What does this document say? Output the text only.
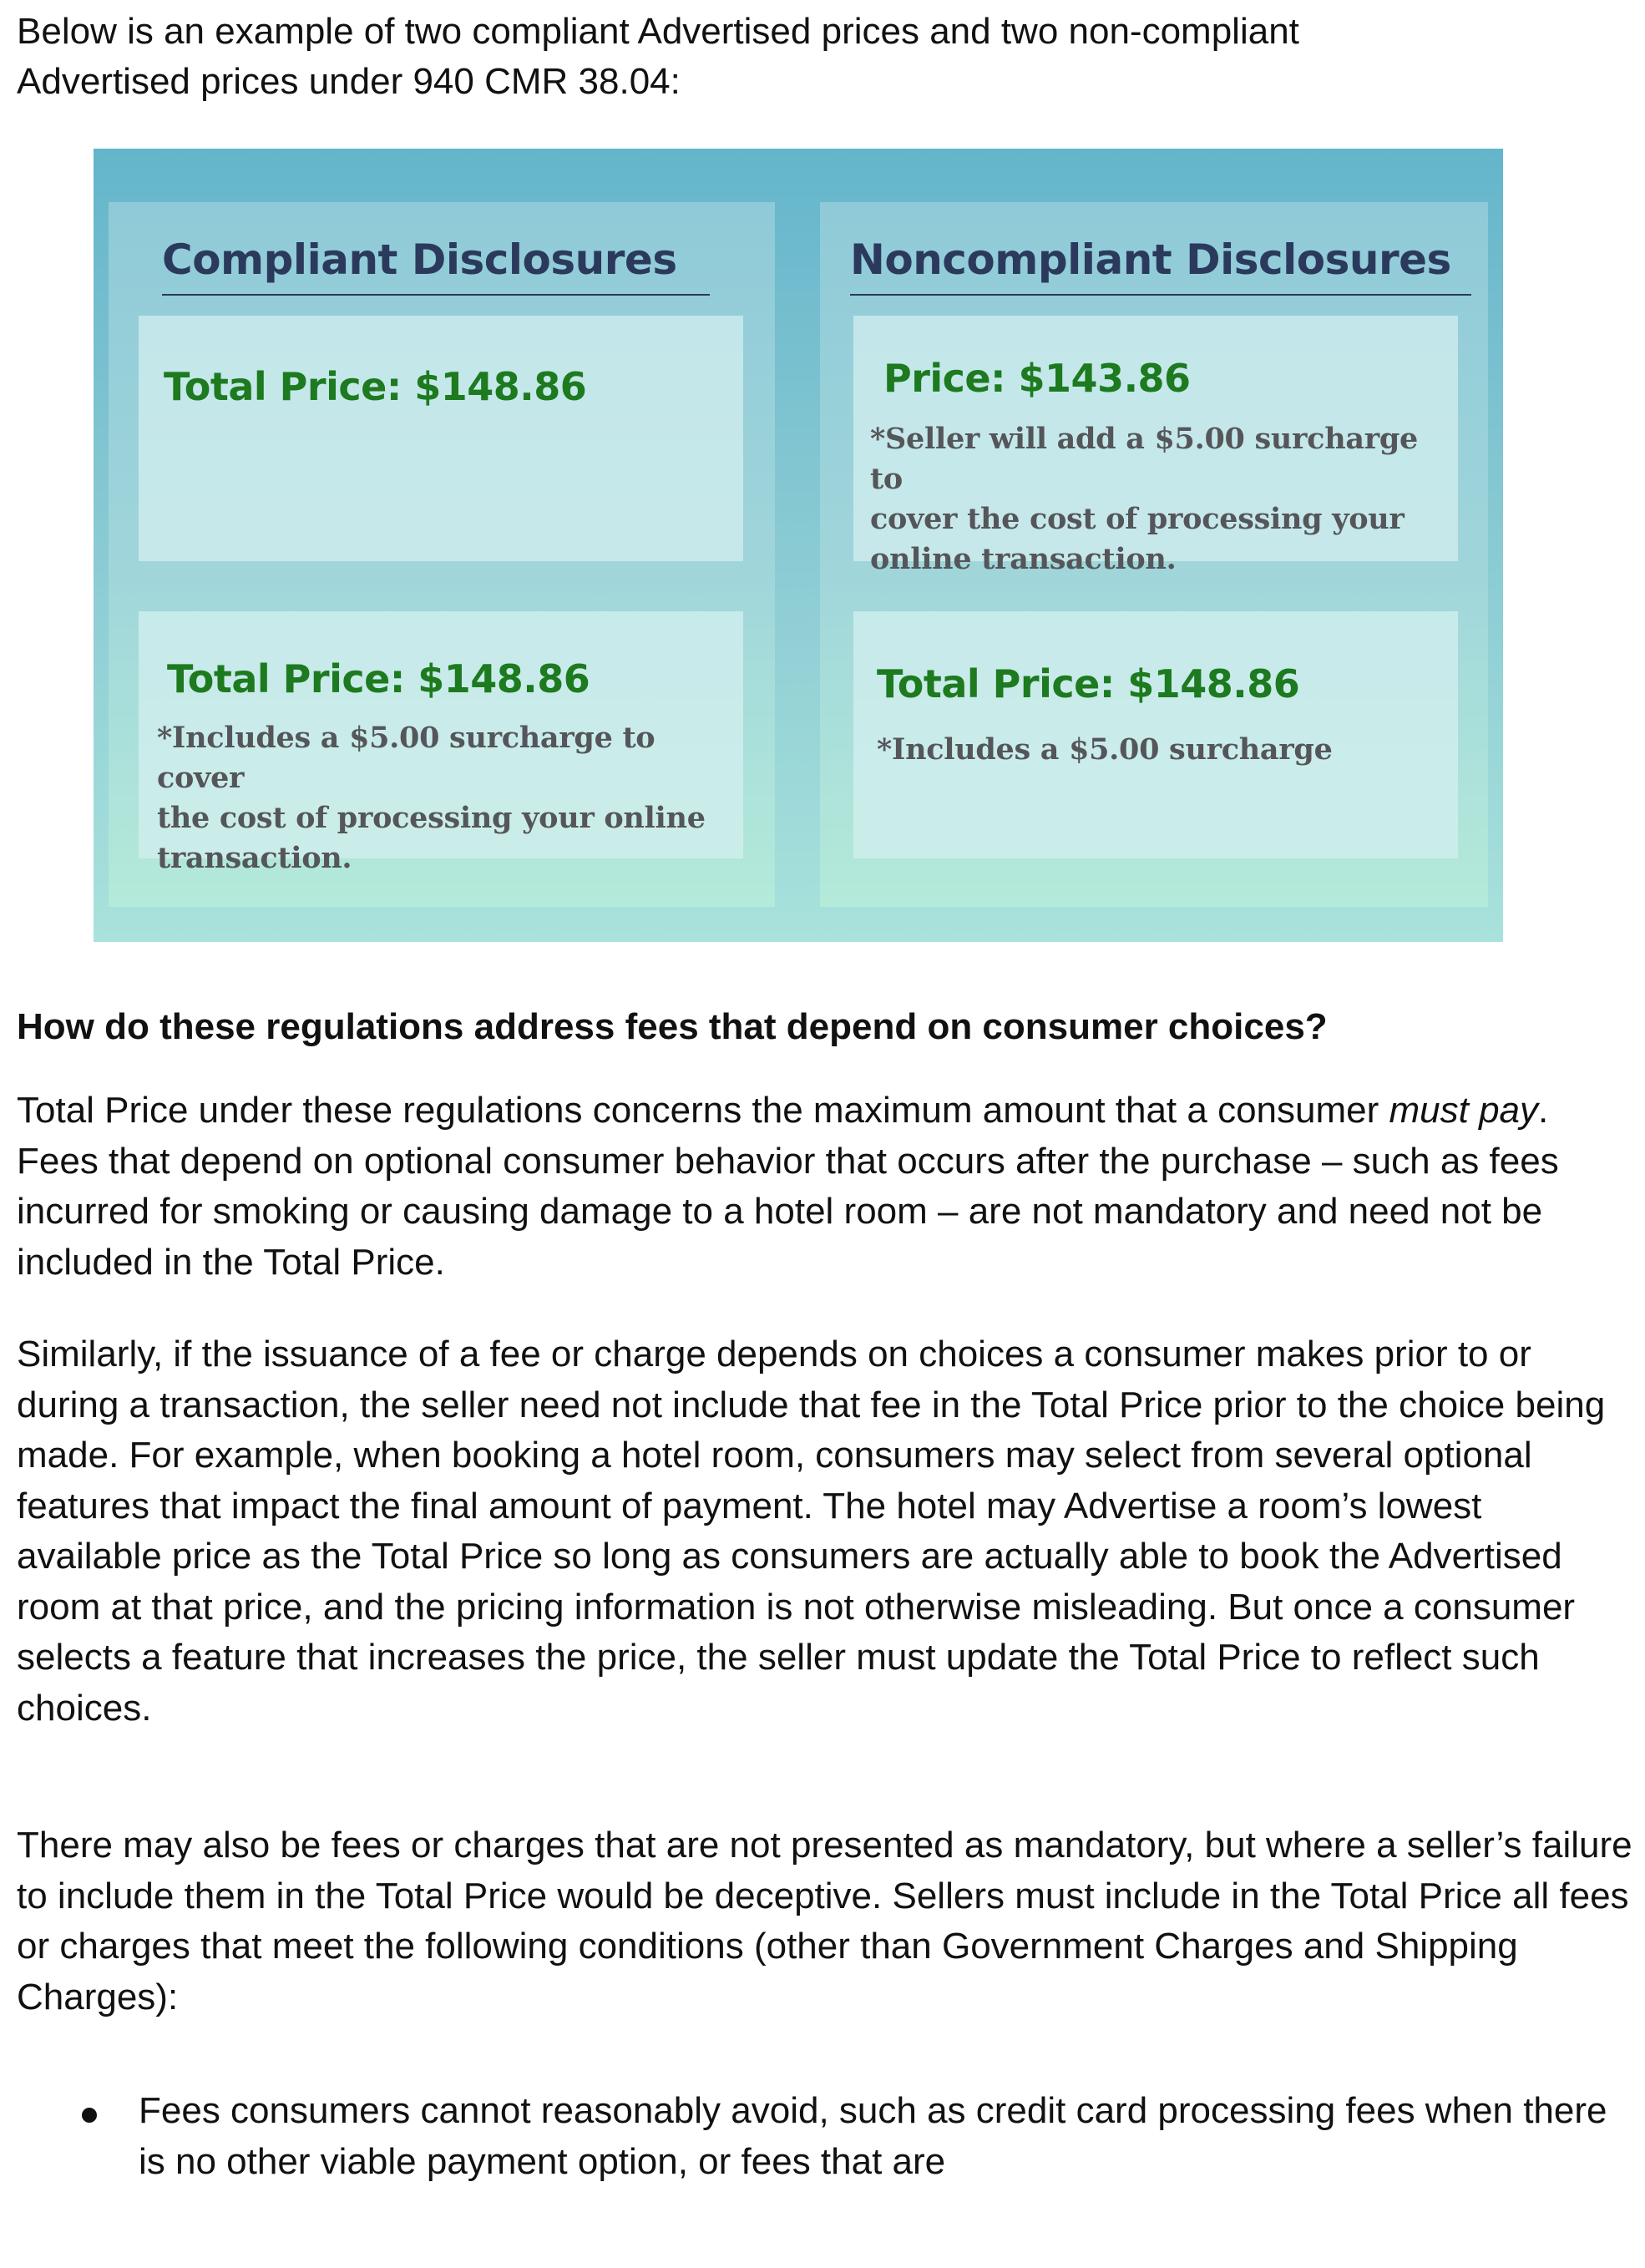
Below is an example of two compliant Advertised prices and two non-compliant
Advertised prices under 940 CMR 38.04:

Compliant Disclosures
Total Price: $148.86
Total Price: $148.86
*Includes a $5.00 surcharge to cover
the cost of processing your online
transaction.
Noncompliant Disclosures
Price: $143.86
*Seller will add a $5.00 surcharge to
cover the cost of processing your
online transaction.
Total Price: $148.86
*Includes a $5.00 surcharge
How do these regulations address fees that depend on consumer choices?

Total Price under these regulations concerns the maximum amount that a consumer must pay. Fees that depend on optional consumer behavior that occurs after the purchase – such as fees incurred for smoking or causing damage to a hotel room – are not mandatory and need not be included in the Total Price.

Similarly, if the issuance of a fee or charge depends on choices a consumer makes prior to or during a transaction, the seller need not include that fee in the Total Price prior to the choice being made. For example, when booking a hotel room, consumers may select from several optional features that impact the final amount of payment. The hotel may Advertise a room’s lowest available price as the Total Price so long as consumers are actually able to book the Advertised room at that price, and the pricing information is not otherwise misleading. But once a consumer selects a feature that increases the price, the seller must update the Total Price to reflect such choices.

There may also be fees or charges that are not presented as mandatory, but where a seller’s failure to include them in the Total Price would be deceptive. Sellers must include in the Total Price all fees or charges that meet the following conditions (other than Government Charges and Shipping Charges):

Fees consumers cannot reasonably avoid, such as credit card processing fees when there is no other viable payment option, or fees that are
